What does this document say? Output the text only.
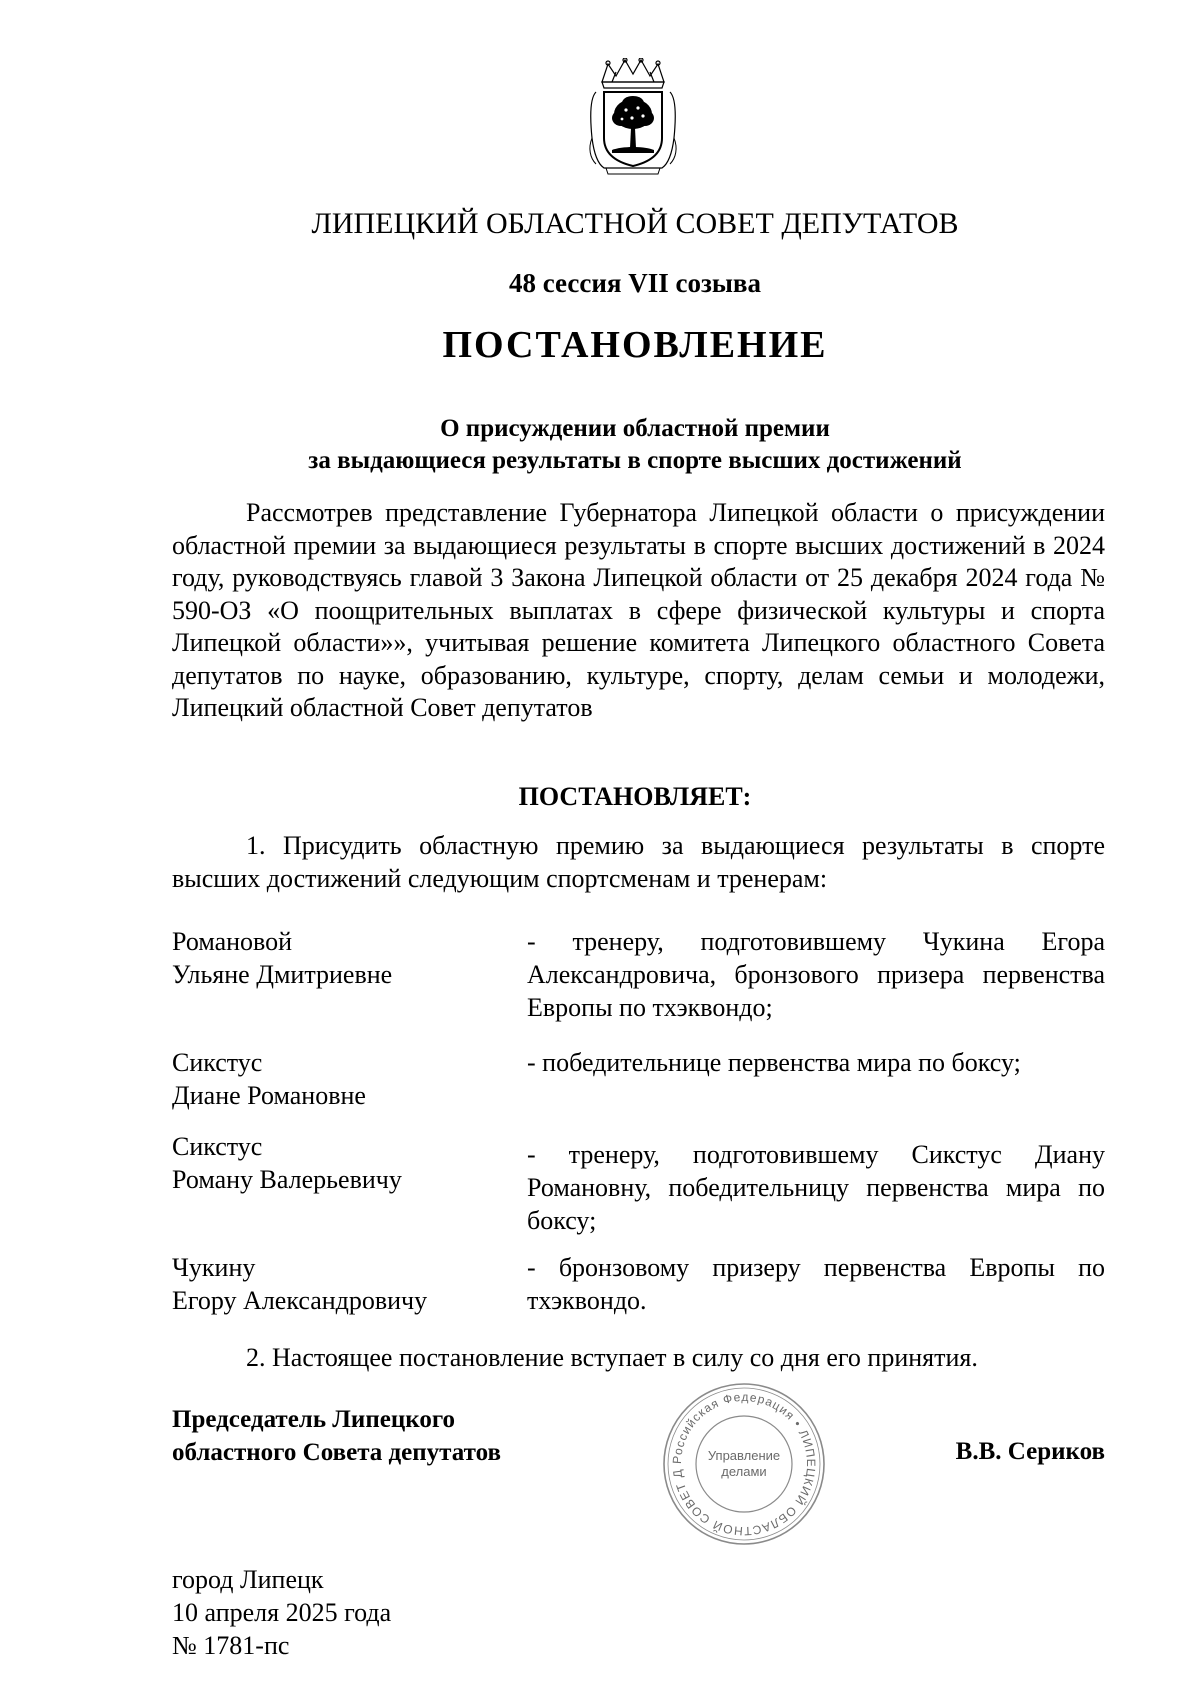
ЛИПЕЦКИЙ ОБЛАСТНОЙ СОВЕТ ДЕПУТАТОВ
48 сессия VII созыва
ПОСТАНОВЛЕНИЕ
О присуждении областной премии
за выдающиеся результаты в спорте высших достижений
Рассмотрев представление Губернатора Липецкой области о присуждении областной премии за выдающиеся результаты в спорте высших достижений в 2024 году, руководствуясь главой 3 Закона Липецкой области от 25 декабря 2024 года № 590-ОЗ «О поощрительных выплатах в сфере физической культуры и спорта Липецкой области»», учитывая решение комитета Липецкого областного Совета депутатов по науке, образованию, культуре, спорту, делам семьи и молодежи, Липецкий областной Совет депутатов
ПОСТАНОВЛЯЕТ:
1. Присудить областную премию за выдающиеся результаты в спорте высших достижений следующим спортсменам и тренерам:
Романовой
Ульяне Дмитриевне
- тренеру, подготовившему Чукина Егора Александровича, бронзового призера первенства Европы по тхэквондо;
Сикстус
Диане Романовне
- победительнице первенства мира по боксу;
Сикстус
Роману Валерьевичу
- тренеру, подготовившему Сикстус Диану Романовну, победительницу первенства мира по боксу;
Чукину
Егору Александровичу
- бронзовому призеру первенства Европы по тхэквондо.
2. Настоящее постановление вступает в силу со дня его принятия.
Председатель Липецкого
областного Совета депутатов	Российская Федерация • ЛИПЕЦКИЙ ОБЛАСТНОЙ СОВЕТ Д
Управление
делами
В.В. Сериков
город Липецк
10 апреля 2025 года
№ 1781-пс
